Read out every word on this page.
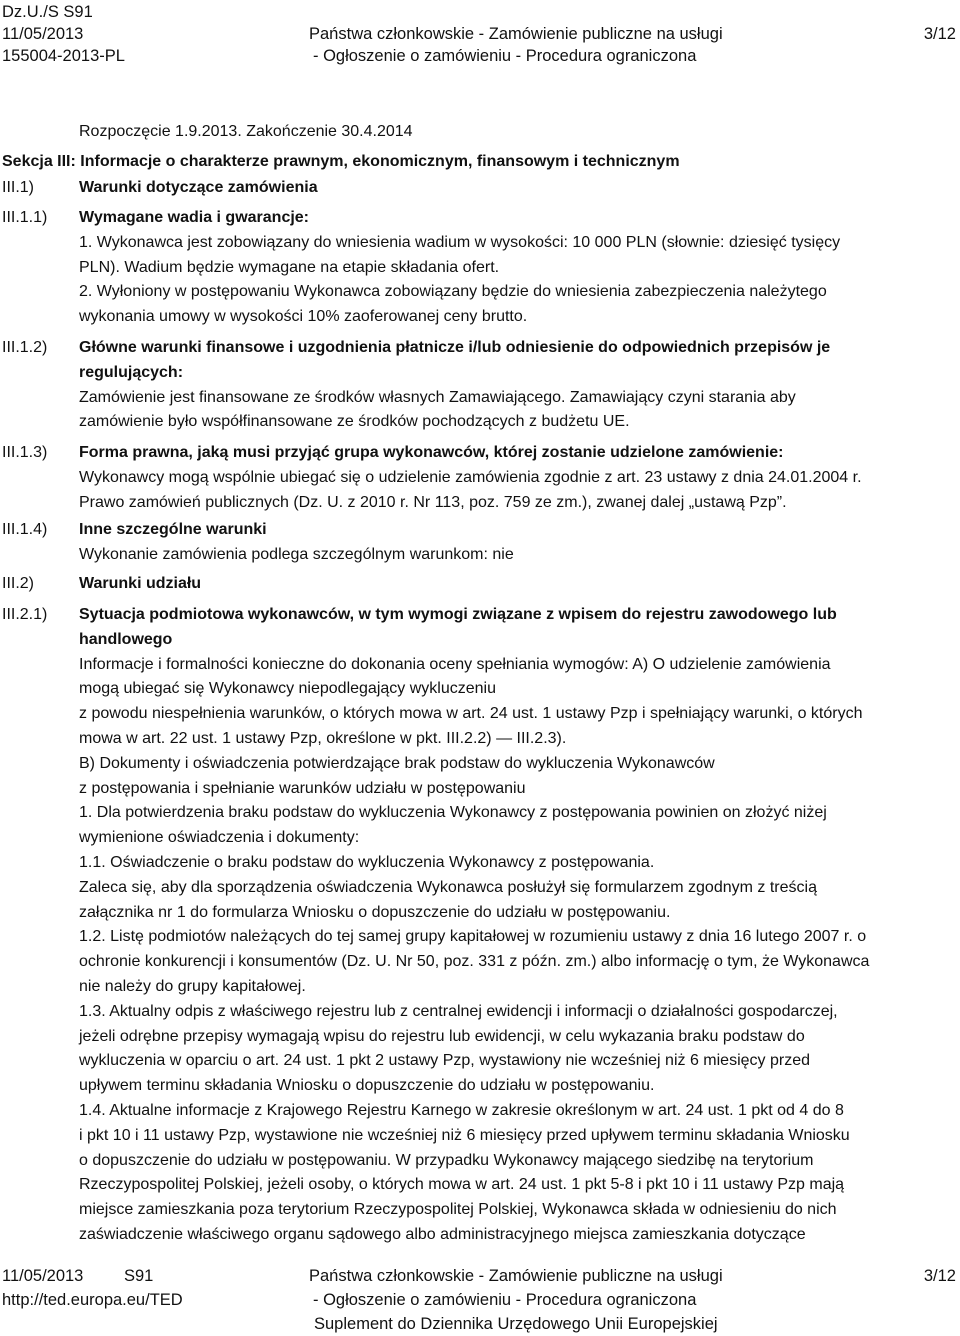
Dz.U./S S91
11/05/2013
155004-2013-PL
Państwa członkowskie - Zamówienie publiczne na usługi
- Ogłoszenie o zamówieniu - Procedura ograniczona
3/12
Rozpoczęcie 1.9.2013. Zakończenie 30.4.2014
Sekcja III: Informacje o charakterze prawnym, ekonomicznym, finansowym i technicznym
III.1)	Warunki dotyczące zamówienia
III.1.1) Wymagane wadia i gwarancje:

1. Wykonawca jest zobowiązany do wniesienia wadium w wysokości: 10 000 PLN (słownie: dziesięć tysięcy

PLN). Wadium będzie wymagane na etapie składania ofert.

2. Wyłoniony w postępowaniu Wykonawca zobowiązany będzie do wniesienia zabezpieczenia należytego

wykonania umowy w wysokości 10% zaoferowanej ceny brutto.

III.1.2) Główne warunki finansowe i uzgodnienia płatnicze i/lub odniesienie do odpowiednich przepisów je

regulujących:

Zamówienie jest finansowane ze środków własnych Zamawiającego. Zamawiający czyni starania aby

zamówienie było współfinansowane ze środków pochodzących z budżetu UE.

III.1.3) Forma prawna, jaką musi przyjąć grupa wykonawców, której zostanie udzielone zamówienie:

Wykonawcy mogą wspólnie ubiegać się o udzielenie zamówienia zgodnie z art. 23 ustawy z dnia 24.01.2004 r.

Prawo zamówień publicznych (Dz. U. z 2010 r. Nr 113, poz. 759 ze zm.), zwanej dalej „ustawą Pzp”.

III.1.4) Inne szczególne warunki

Wykonanie zamówienia podlega szczególnym warunkom: nie

III.2)	Warunki udziału
III.2.1) Sytuacja podmiotowa wykonawców, w tym wymogi związane z wpisem do rejestru zawodowego lub

handlowego

Informacje i formalności konieczne do dokonania oceny spełniania wymogów: A) O udzielenie zamówienia

mogą ubiegać się Wykonawcy niepodlegający wykluczeniu

z powodu niespełnienia warunków, o których mowa w art. 24 ust. 1 ustawy Pzp i spełniający warunki, o których

mowa w art. 22 ust. 1 ustawy Pzp, określone w pkt. III.2.2) — III.2.3).

B) Dokumenty i oświadczenia potwierdzające brak podstaw do wykluczenia Wykonawców

z postępowania i spełnianie warunków udziału w postępowaniu

1. Dla potwierdzenia braku podstaw do wykluczenia Wykonawcy z postępowania powinien on złożyć niżej

wymienione oświadczenia i dokumenty:

1.1. Oświadczenie o braku podstaw do wykluczenia Wykonawcy z postępowania.

Zaleca się, aby dla sporządzenia oświadczenia Wykonawca posłużył się formularzem zgodnym z treścią

załącznika nr 1 do formularza Wniosku o dopuszczenie do udziału w postępowaniu.

1.2. Listę podmiotów należących do tej samej grupy kapitałowej w rozumieniu ustawy z dnia 16 lutego 2007 r. o

ochronie konkurencji i konsumentów (Dz. U. Nr 50, poz. 331 z późn. zm.) albo informację o tym, że Wykonawca

nie należy do grupy kapitałowej.

1.3. Aktualny odpis z właściwego rejestru lub z centralnej ewidencji i informacji o działalności gospodarczej,

jeżeli odrębne przepisy wymagają wpisu do rejestru lub ewidencji, w celu wykazania braku podstaw do

wykluczenia w oparciu o art. 24 ust. 1 pkt 2 ustawy Pzp, wystawiony nie wcześniej niż 6 miesięcy przed

upływem terminu składania Wniosku o dopuszczenie do udziału w postępowaniu.

1.4. Aktualne informacje z Krajowego Rejestru Karnego w zakresie określonym w art. 24 ust. 1 pkt od 4 do 8

i pkt 10 i 11 ustawy Pzp, wystawione nie wcześniej niż 6 miesięcy przed upływem terminu składania Wniosku

o dopuszczenie do udziału w postępowaniu. W przypadku Wykonawcy mającego siedzibę na terytorium

Rzeczypospolitej Polskiej, jeżeli osoby, o których mowa w art. 24 ust. 1 pkt 5-8 i pkt 10 i 11 ustawy Pzp mają

miejsce zamieszkania poza terytorium Rzeczypospolitej Polskiej, Wykonawca składa w odniesieniu do nich

zaświadczenie właściwego organu sądowego albo administracyjnego miejsca zamieszkania dotyczące

11/05/2013 S91
http://ted.europa.eu/TED
Państwa członkowskie - Zamówienie publiczne na usługi
- Ogłoszenie o zamówieniu - Procedura ograniczona
Suplement do Dziennika Urzędowego Unii Europejskiej
3/12
